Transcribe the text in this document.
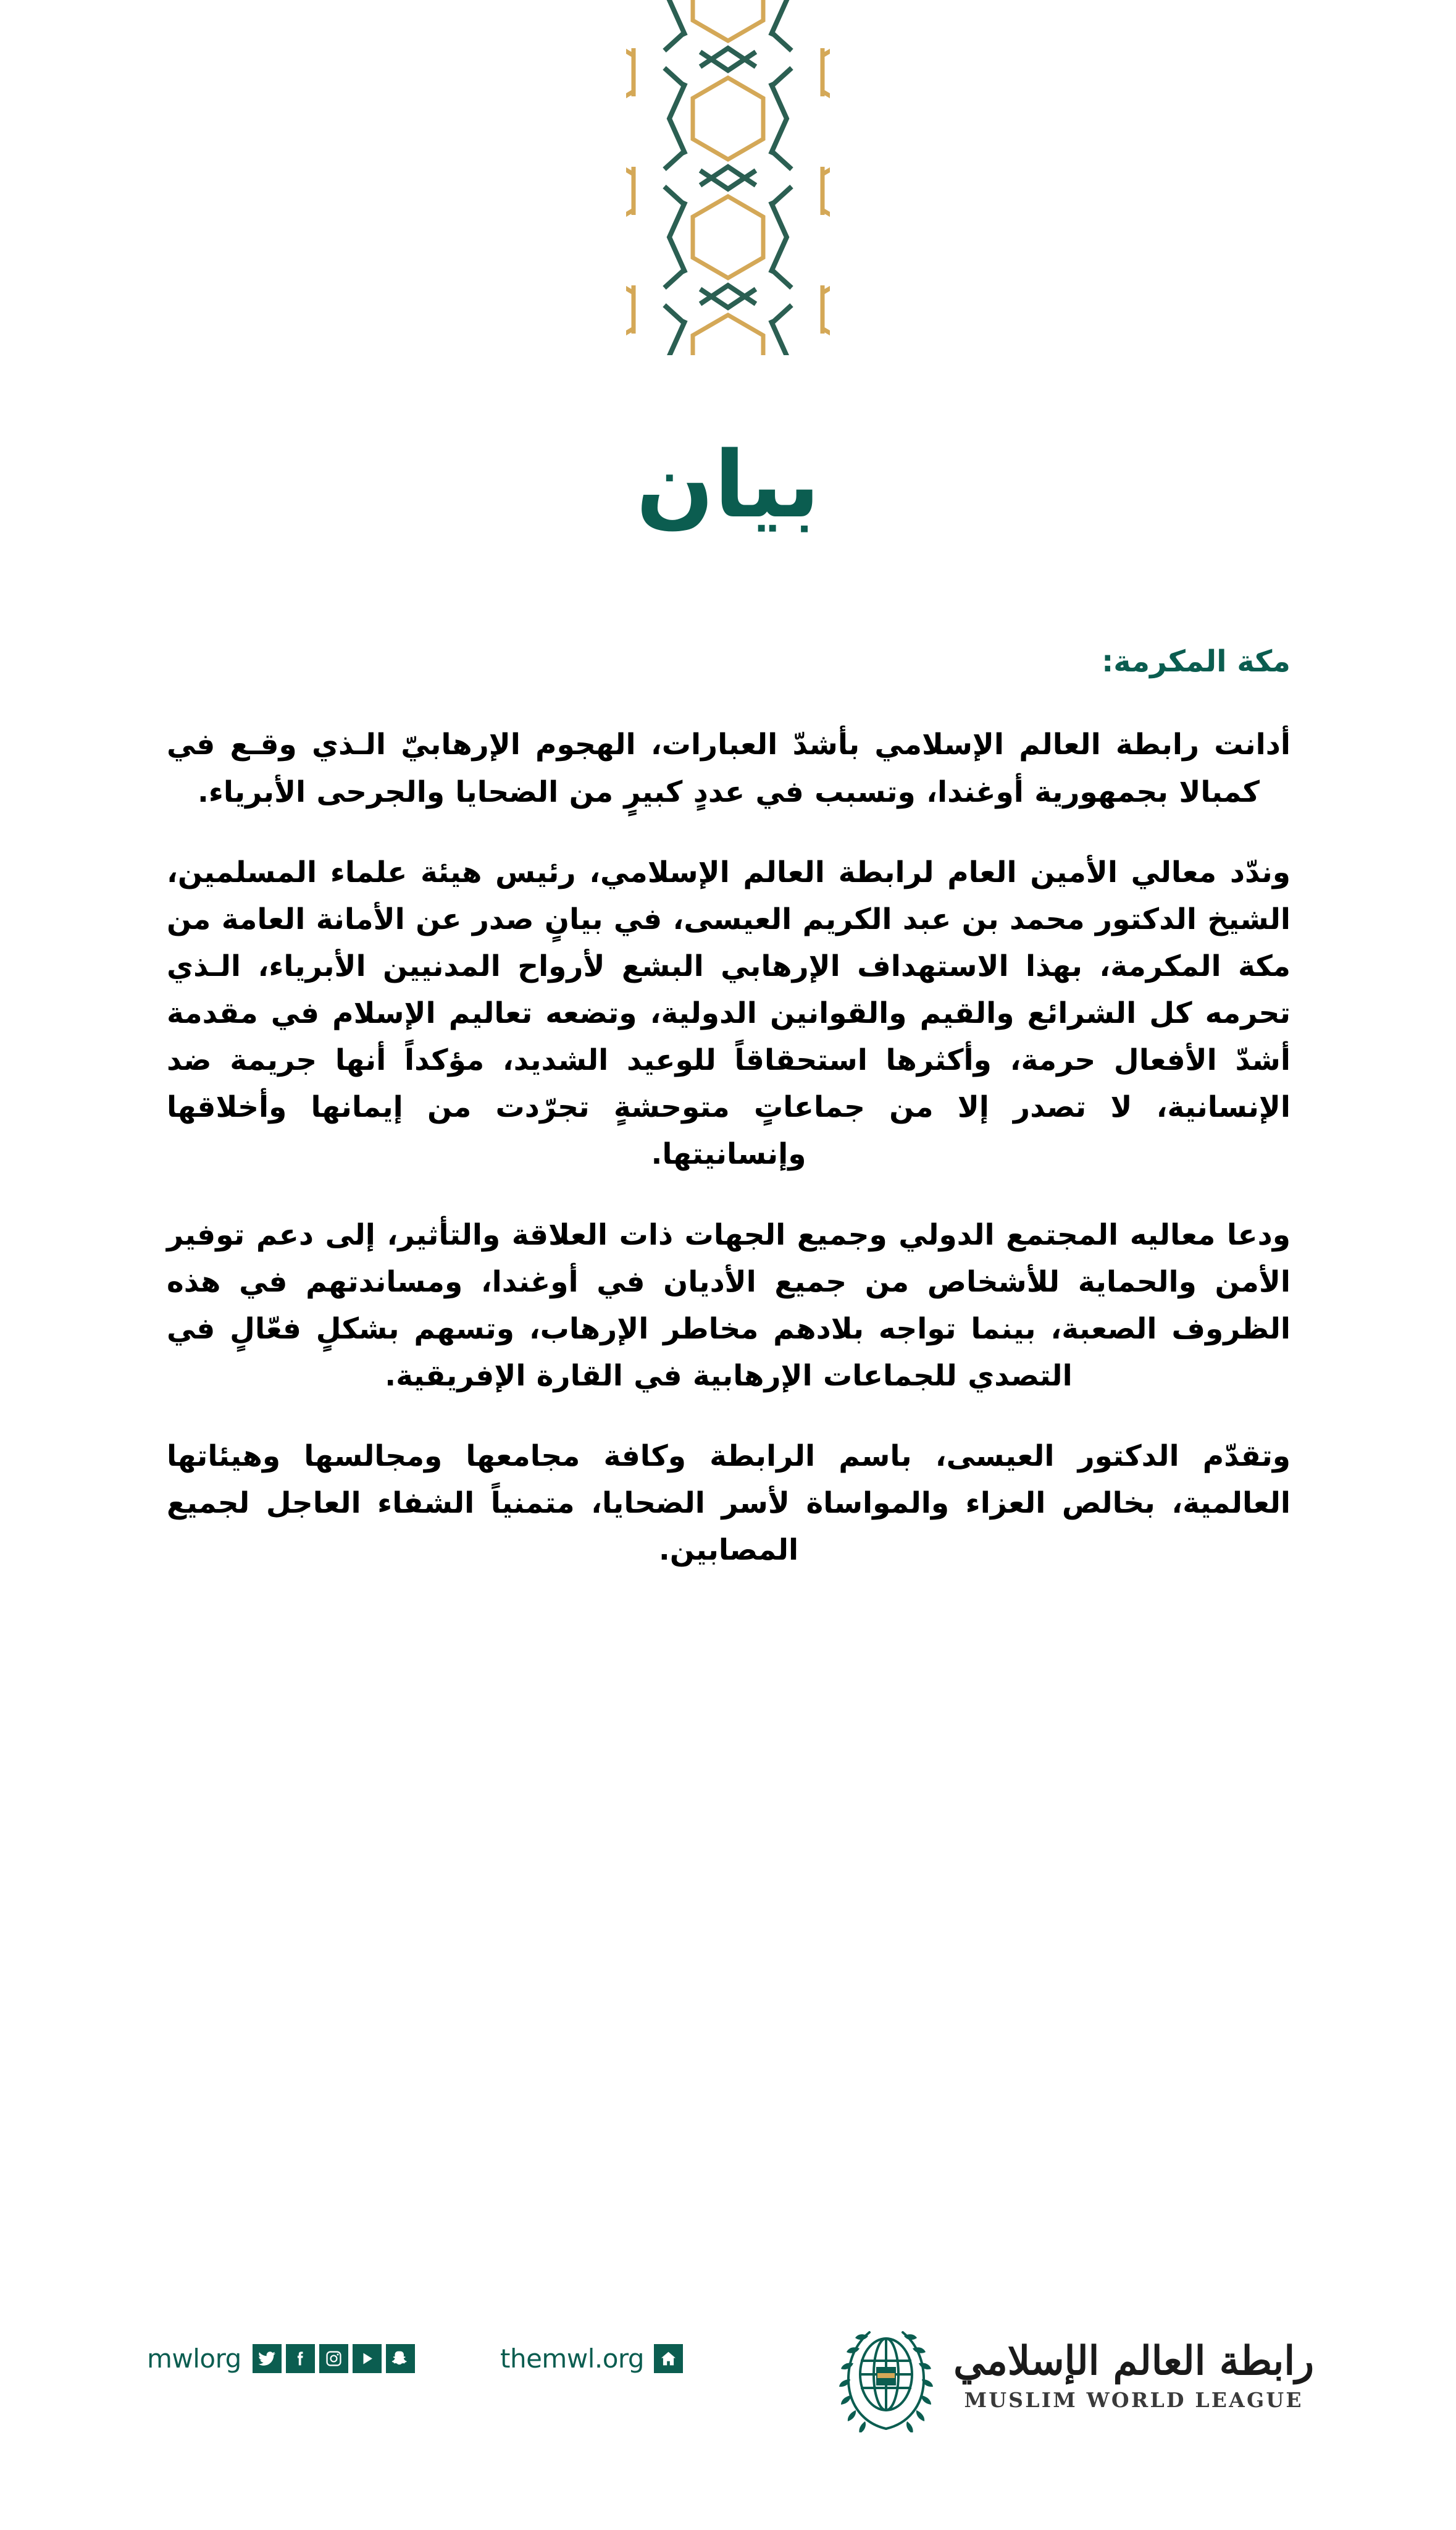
بيان
مكة المكرمة:

أدانت رابطة العالم الإسلامي بأشدّ العبارات، الهجوم الإرهابيّ الـذي وقـع في كمبالا بجمهورية أوغندا، وتسبب في عددٍ كبيرٍ من الضحايا والجرحى الأبرياء.

وندّد معالي الأمين العام لرابطة العالم الإسلامي، رئيس هيئة علماء المسلمين، الشيخ الدكتور محمد بن عبد الكريم العيسى، في بيانٍ صدر عن الأمانة العامة من مكة المكرمة، بهذا الاستهداف الإرهابي البشع لأرواح المدنيين الأبرياء، الـذي تحرمه كل الشرائع والقيم والقوانين الدولية، وتضعه تعاليم الإسلام في مقدمة أشدّ الأفعال حرمة، وأكثرها استحقاقاً للوعيد الشديد، مؤكداً أنها جريمة ضد الإنسانية، لا تصدر إلا من جماعاتٍ متوحشةٍ تجرّدت من إيمانها وأخلاقها وإنسانيتها.

ودعا معاليه المجتمع الدولي وجميع الجهات ذات العلاقة والتأثير، إلى دعم توفير الأمن والحماية للأشخاص من جميع الأديان في أوغندا، ومساندتهم في هذه الظروف الصعبة، بينما تواجه بلادهم مخاطر الإرهاب، وتسهم بشكلٍ فعّالٍ في التصدي للجماعات الإرهابية في القارة الإفريقية.

وتقدّم الدكتور العيسى، باسم الرابطة وكافة مجامعها ومجالسها وهيئاتها العالمية، بخالص العزاء والمواساة لأسر الضحايا، متمنياً الشفاء العاجل لجميع المصابين.

mwlorg	themwl.org	رابطة العالم الإسلامي
MUSLIM WORLD LEAGUE
